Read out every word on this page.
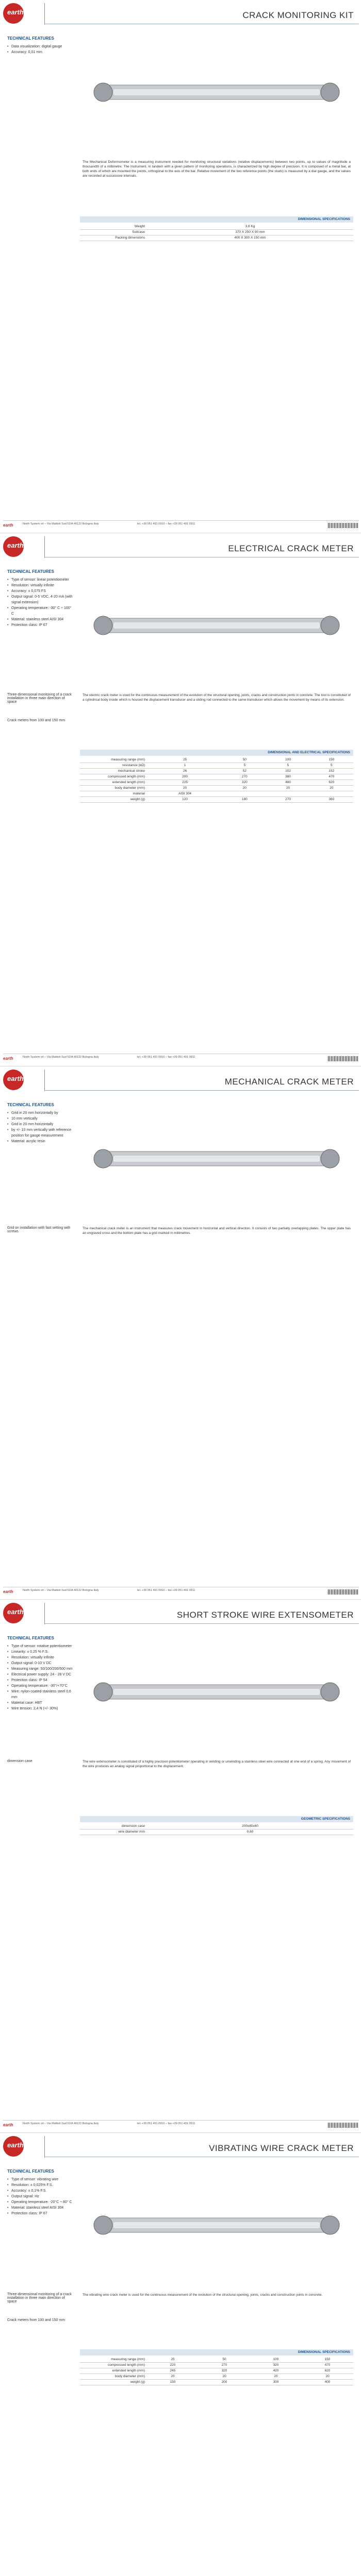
earth	CRACK MONITORING KIT
TECHNICAL FEATURES
• Data visualization: digital gauge
• Accuracy: 0,01 mm
The Mechanical Deformometer is a measuring instrument needed for monitoring structural variations (relative displacements) between two points, up to values of magnitude a thousandth of a millimetre. The instrument, in tandem with a given pattern of monitoring operations, is characterized by high degree of precision. It is composed of a metal bar, at both ends of which are mounted the points, orthogonal to the axis of the bar. Relative movement of the two reference points (the studs) is measured by a dial gauge, and the values are recorded at successive intervals.
DIMENSIONAL SPECIFICATIONS
Weight	3,6 Kg
Suitcase	370 X 250 X 90 mm
Packing dimensions	400 X 300 X 150 mm
earth	North System srl – Via Mattioli Sud 52/A 40122 Bologna Italy	tel. +39 051 491 0910 – fax +39 051 491 0911
earth	ELECTRICAL CRACK METER
TECHNICAL FEATURES
• Type of sensor: linear potentiometer
• Resolution: virtually infinite
• Accuracy: ± 0,075 FS
• Output signal: 0-5 VDC, 4-20 mA (with signal extension)
• Operating temperature: -30° C ÷ 100° C
• Material: stainless steel AISI 304
• Protection class: IP 67
Three-dimensional monitoring of a crack installation in three main direction of space
Crack meters from 100 and 150 mm
The electric crack meter is used for the continuous measurement of the evolution of the structural opening, joints, cracks and construction joints in concrete. The tool is constituted of a cylindrical body inside which is housed the displacement transducer and a sliding rod connected to the same transducer which allows the movement by means of its extension.
DIMENSIONAL AND ELECTRICAL SPECIFICATIONS
measuring range (mm)	25	50	100	150
resistance (kΩ)	1	5	5	5
mechanical stroke	26	52	102	152
compressed length (mm)	200	270	380	470
extended length (mm)	225	320	480	620
body diameter (mm)	20	20	20	20
material	AISI 304			
weight (g)	120	180	270	360
earth	North System srl – Via Mattioli Sud 52/A 40122 Bologna Italy	tel. +39 051 491 0910 – fax +39 051 491 0911
earth	MECHANICAL CRACK METER
TECHNICAL FEATURES
• Grid in 20 mm horizontally by
• 10 mm vertically
• Grid in 20 mm horizontally
• by +/- 10 mm vertically with reference position for gauge measurement
• Material: acrylic resin
Grid on installation with fast setting with screws
The mechanical crack meter is an instrument that measures crack movement in horizontal and vertical direction. It consists of two partially overlapping plates. The upper plate has an engraved cross and the bottom plate has a grid marked in millimetres.
earth	North System srl – Via Mattioli Sud 52/A 40122 Bologna Italy	tel. +39 051 491 0910 – fax +39 051 491 0911
earth	SHORT STROKE WIRE EXTENSOMETER
TECHNICAL FEATURES
• Type of sensor: rotative potentiometer
• Linearity: ± 0,25 % F.S.
• Resolution: virtually infinite
• Output signal: 0-10 V DC
• Measuring range: 50/100/200/500 mm
• Electrical power supply: 24 - 28 V DC
• Protection class: IP 54
• Operating temperature: -30°/+70°C
• Wire: nylon-coated stainless steel 0,6 mm
• Material case: HBT
• Wire tension: 2,4 N (+/- 30%)
dimension case	The wire extensometer is constituted of a highly precision potentiometer operating in winding or unwinding a stainless steel wire connected at one end of a spring. Any movement of the wire produces an analog signal proportional to the displacement.
GEOMETRIC SPECIFICATIONS
dimension case	200x80x60
wire diameter mm	0,60
earth	North System srl – Via Mattioli Sud 52/A 40122 Bologna Italy	tel. +39 051 491 0910 – fax +39 051 491 0911
earth	VIBRATING WIRE CRACK METER
TECHNICAL FEATURES
• Type of sensor: vibrating wire
• Resolution: ± 0,025% F.S.
• Accuracy: ± 0,1% F.S.
• Output signal: Hz
• Operating temperature: -20°C ÷ 80° C
• Material: stainless steel AISI 304
• Protection class: IP 67
Three-dimensional monitoring of a crack installation in three main direction of space
Crack meters from 100 and 150 mm
The vibrating wire crack meter is used for the continuous measurement of the evolution of the structural opening, joints, cracks and construction joints in concrete.
DIMENSIONAL SPECIFICATIONS
measuring range (mm)	25	50	100	150
compressed length (mm)	220	270	320	470
extended length (mm)	245	320	420	620
body diameter (mm)	20	20	20	20
weight (g)	150	200	300	400
